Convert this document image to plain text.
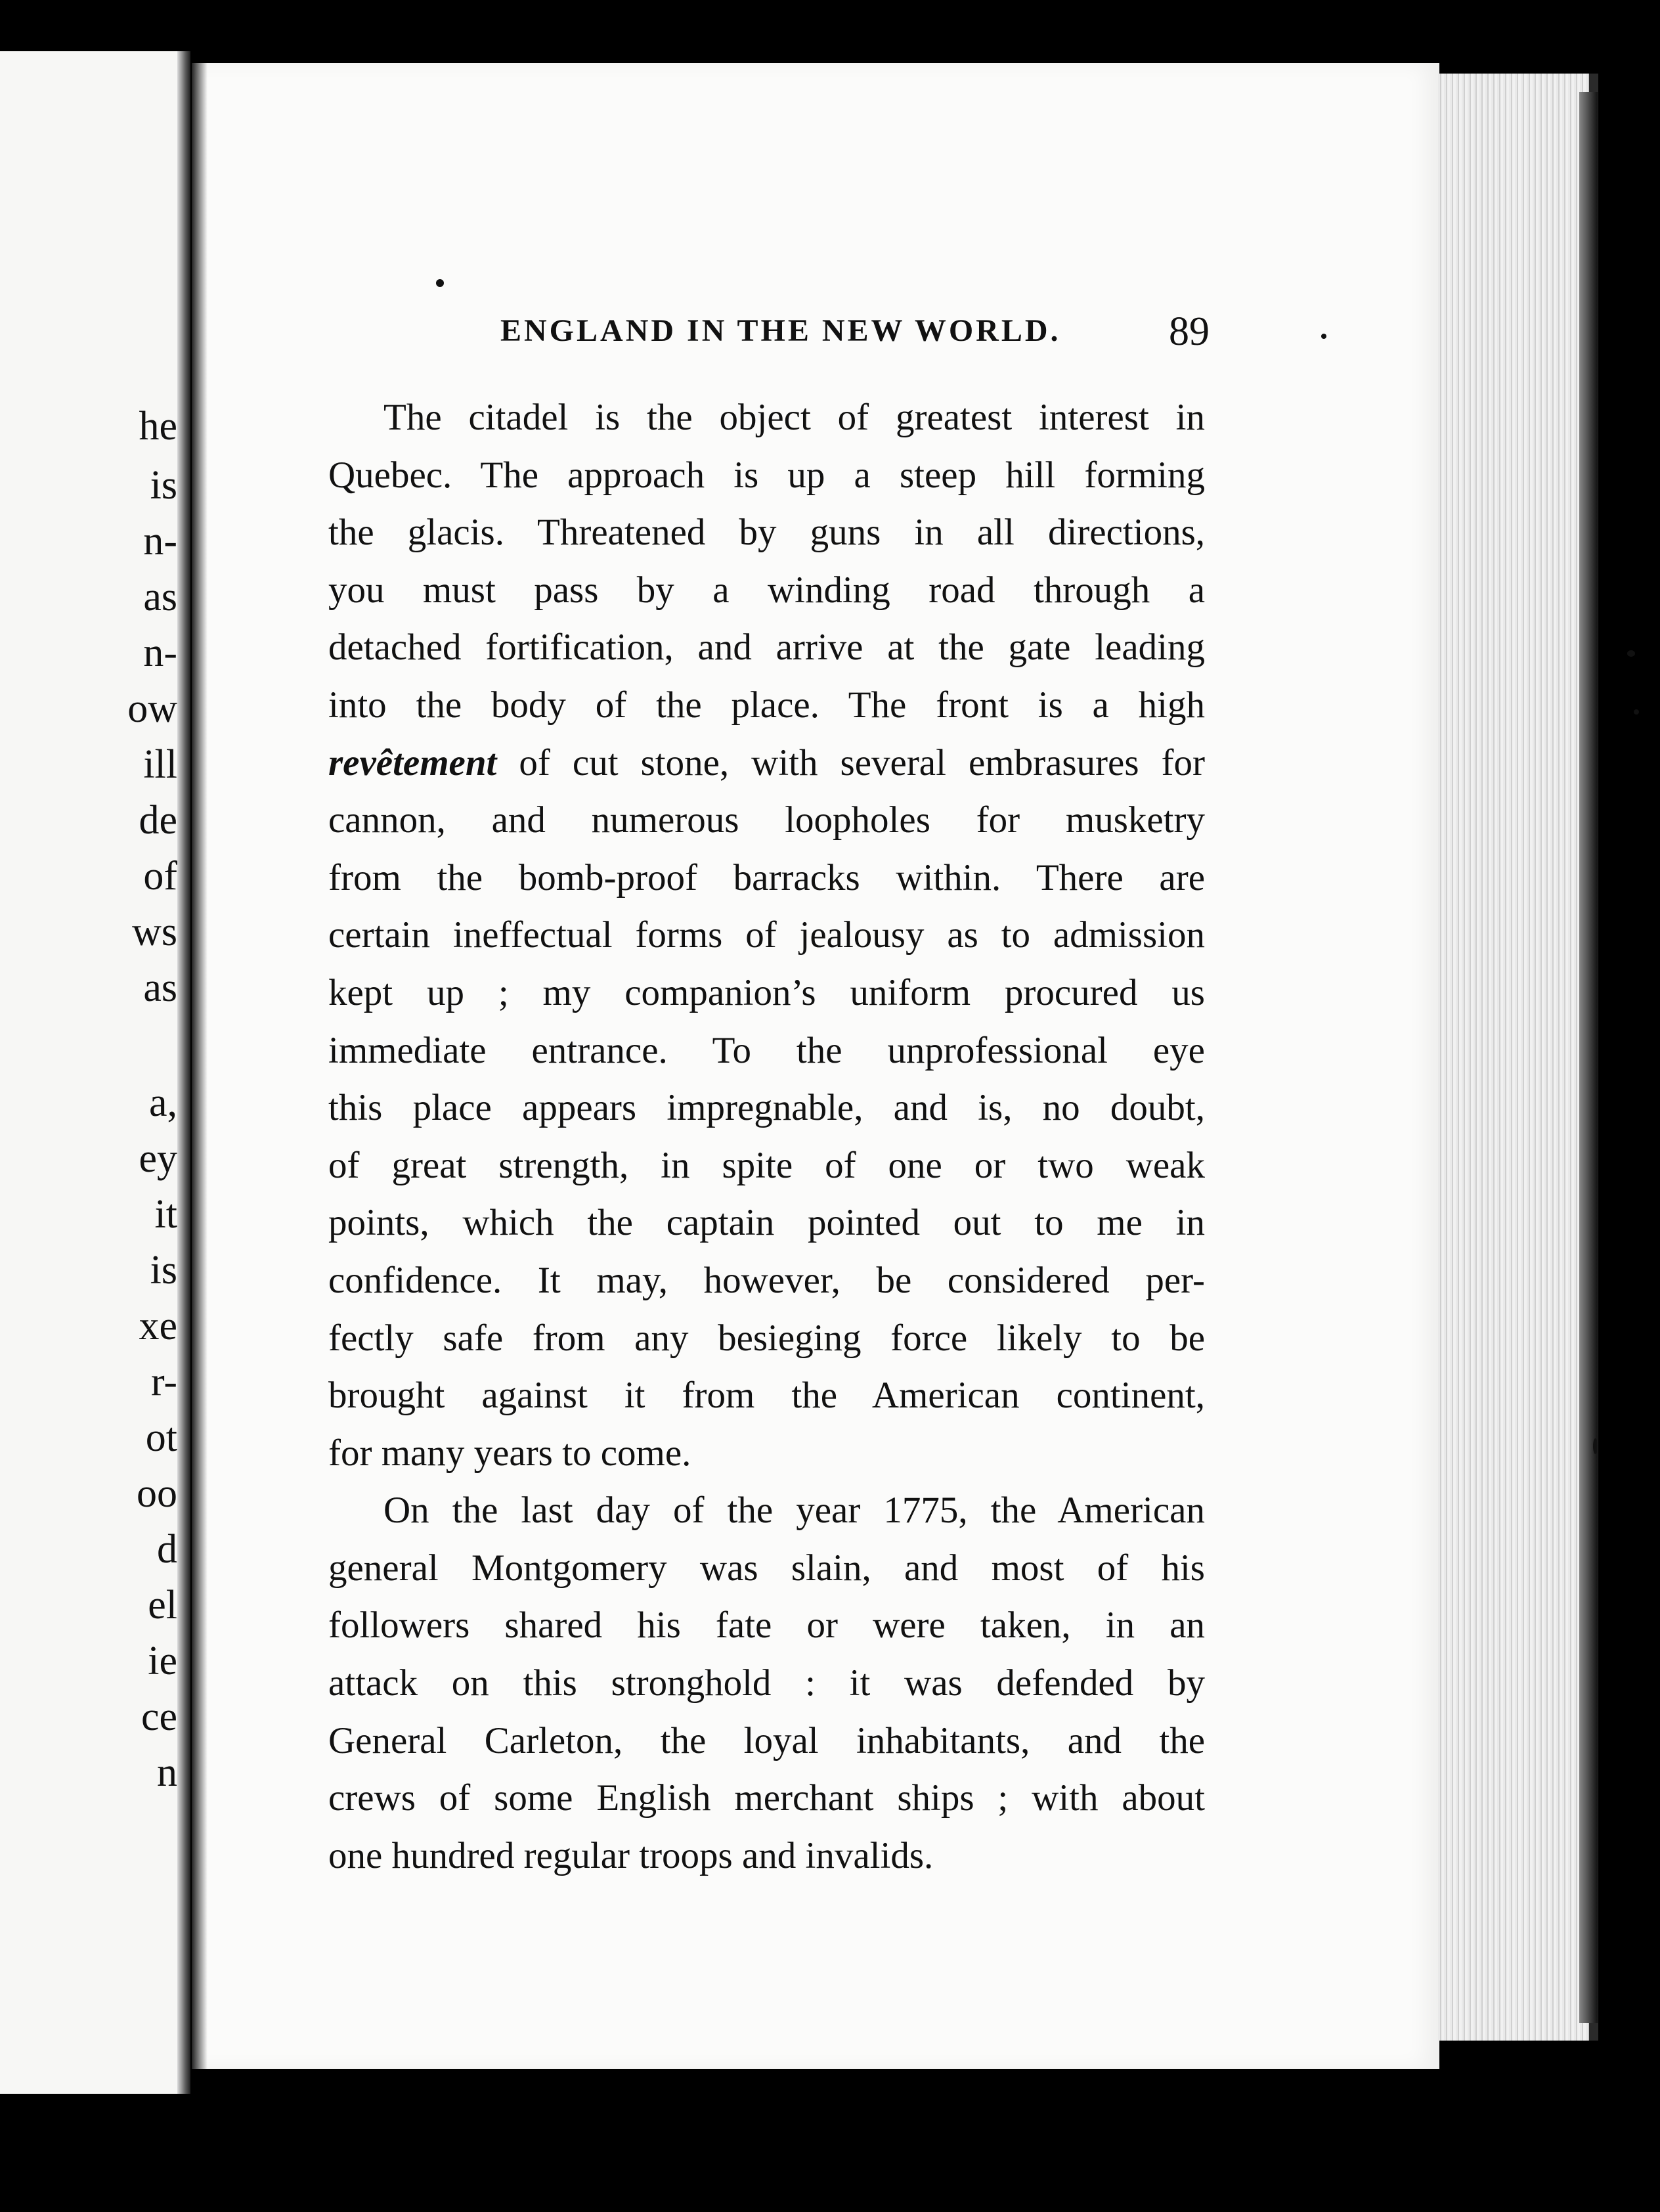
he
is
n-
as
n-
ow
ill
de
of
ws
as
a,
ey
it
is
xe
r-
ot
oo
d
el
ie
ce
n
ENGLAND IN THE NEW WORLD.	89
The citadel is the object of greatest interest in
Quebec. The approach is up a steep hill forming
the glacis. Threatened by guns in all directions,
you must pass by a winding road through a
detached fortification, and arrive at the gate leading
into the body of the place. The front is a high
revêtement of cut stone, with several embrasures for
cannon, and numerous loopholes for musketry
from the bomb-proof barracks within. There are
certain ineffectual forms of jealousy as to admission
kept up ; my companion’s uniform procured us
immediate entrance. To the unprofessional eye
this place appears impregnable, and is, no doubt,
of great strength, in spite of one or two weak
points, which the captain pointed out to me in
confidence. It may, however, be considered per-
fectly safe from any besieging force likely to be
brought against it from the American continent,
for many years to come.
On the last day of the year 1775, the American
general Montgomery was slain, and most of his
followers shared his fate or were taken, in an
attack on this stronghold : it was defended by
General Carleton, the loyal inhabitants, and the
crews of some English merchant ships ; with about
one hundred regular troops and invalids.
